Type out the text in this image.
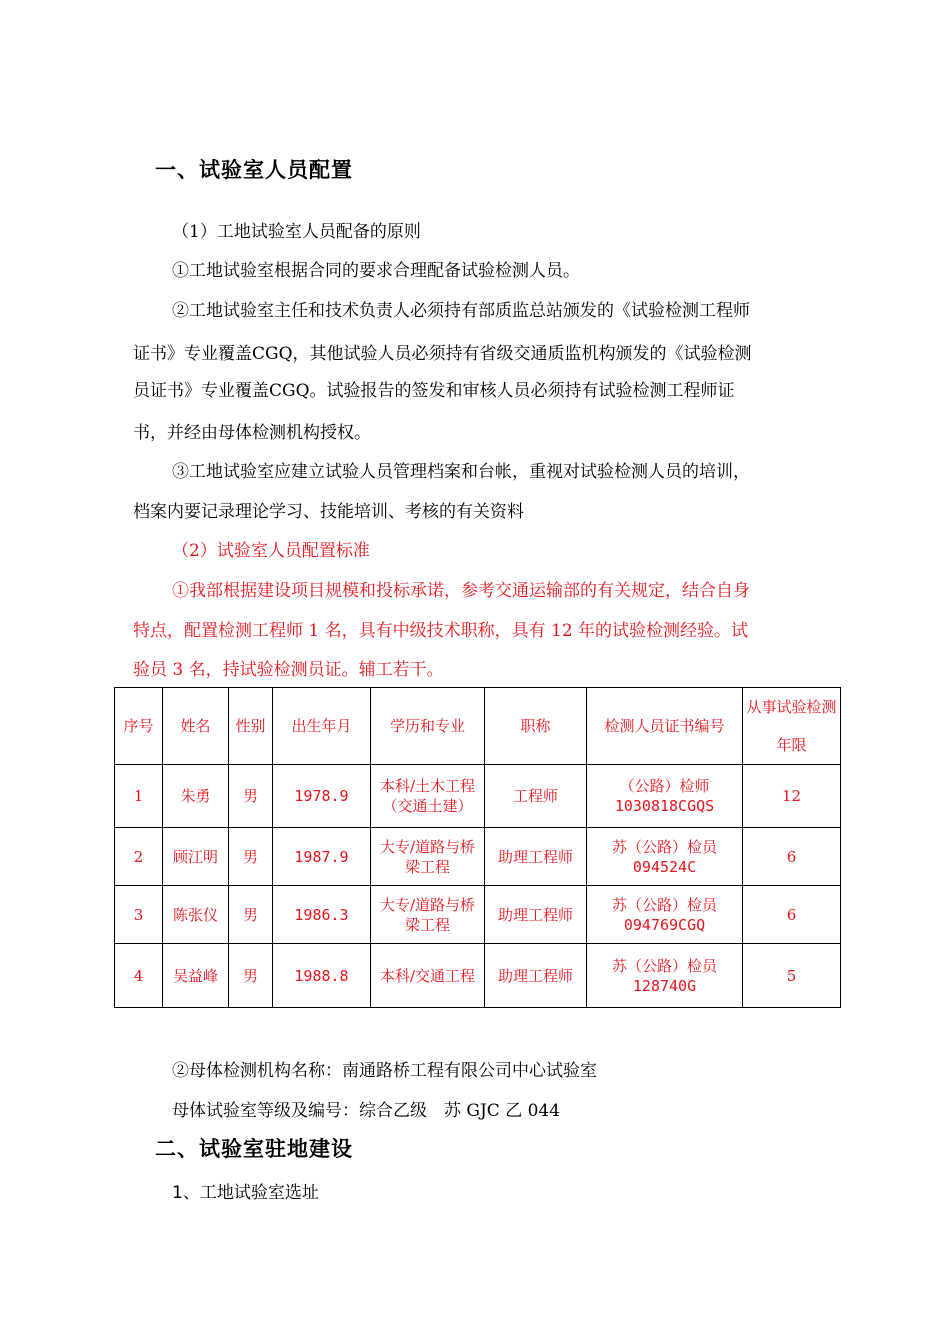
一、试验室人员配置
（1）工地试验室人员配备的原则
①工地试验室根据合同的要求合理配备试验检测人员。
②工地试验室主任和技术负责人必须持有部质监总站颁发的《试验检测工程师
证书》专业覆盖CGQ，其他试验人员必须持有省级交通质监机构颁发的《试验检测
员证书》专业覆盖CGQ。试验报告的签发和审核人员必须持有试验检测工程师证
书，并经由母体检测机构授权。
③工地试验室应建立试验人员管理档案和台帐，重视对试验检测人员的培训，
档案内要记录理论学习、技能培训、考核的有关资料
（2）试验室人员配置标准
①我部根据建设项目规模和投标承诺，参考交通运输部的有关规定，结合自身
特点，配置检测工程师 1 名，具有中级技术职称，具有 12 年的试验检测经验。试
验员 3 名，持试验检测员证。辅工若干。
序号	姓名	性别	出生年月	学历和专业	职称	检测人员证书编号	从事试验检测年限
1	朱勇	男	1978.9	本科/土木工程（交通土建）	工程师	（公路）检师1030818CGQS	12
2	顾江明	男	1987.9	大专/道路与桥梁工程	助理工程师	苏（公路）检员094524C	6
3	陈张仪	男	1986.3	大专/道路与桥梁工程	助理工程师	苏（公路）检员094769CGQ	6
4	吴益峰	男	1988.8	本科/交通工程	助理工程师	苏（公路）检员128740G	5
②母体检测机构名称：南通路桥工程有限公司中心试验室
母体试验室等级及编号：综合乙级　苏 GJC 乙 044
二、试验室驻地建设
1、工地试验室选址
